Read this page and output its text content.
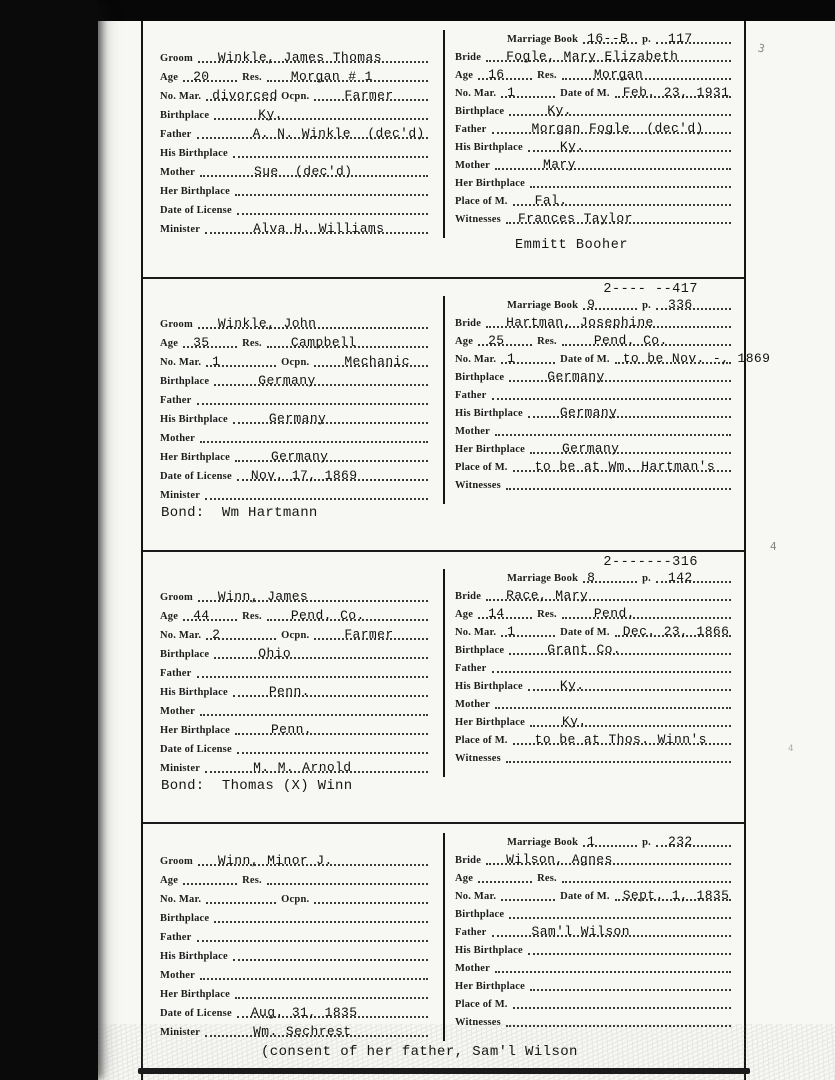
3
4
4
Groom Winkle, James Thomas
Age 20	Res. Morgan # 1
No. Mar. divorced Ocpn.	Farmer
Birthplace	Ky.
Father	A. N. Winkle  (dec'd)
His Birthplace
Mother	Sue  (dec'd)
Her Birthplace
Date of License
Minister	Alva H. Williams
Marriage Book 16--B p. 117
Bride Fogle, Mary Elizabeth
Age 16	Res.	Morgan
No. Mar. 1	Date of M. Feb. 23, 1931
Birthplace	Ky.
Father	Morgan Fogle  (dec'd)
His Birthplace	Ky.
Mother	Mary
Her Birthplace
Place of M. Fal.
Witnesses Frances Taylor
Emmitt Booher
2---- --417
Groom Winkle, John
Age 35	Res. Campbell
No. Mar. 1	Ocpn.	Mechanic
Birthplace	Germany
Father
His Birthplace	Germany
Mother
Her Birthplace	Germany
Date of License Nov. 17, 1869
Minister
Marriage Book 9	p. 336
Bride Hartman, Josephine
Age 25	Res.	Pend. Co.
No. Mar. 1	Date of M. to be Nov. -, 1869
Birthplace	Germany
Father
His Birthplace	Germany
Mother
Her Birthplace	Germany
Place of M. to be at Wm. Hartman's
Witnesses
Bond:  Wm Hartmann
2-------316
Groom Winn, James
Age 44	Res. Pend. Co.
No. Mar. 2	Ocpn.	Farmer
Birthplace	Ohio
Father
His Birthplace	Penn.
Mother
Her Birthplace	Penn.
Date of License
Minister	M. M. Arnold
Marriage Book 8	p. 142
Bride Race, Mary
Age 14	Res.	Pend.
No. Mar. 1	Date of M. Dec. 23, 1866
Birthplace	Grant Co.
Father
His Birthplace	Ky.
Mother
Her Birthplace	Ky.
Place of M. to be at Thos. Winn's
Witnesses
Bond:  Thomas (X) Winn
Groom Winn, Minor J.
Age	Res.
No. Mar.	Ocpn.
Birthplace
Father
His Birthplace
Mother
Her Birthplace
Date of License Aug. 31, 1835
Minister	Wm. Sechrest
Marriage Book 1	p. 232
Bride Wilson, Agnes
Age	Res.
No. Mar.	Date of M. Sept. 1, 1835
Birthplace
Father	Sam'l Wilson
His Birthplace
Mother
Her Birthplace
Place of M.
Witnesses
(consent of her father, Sam'l Wilson
